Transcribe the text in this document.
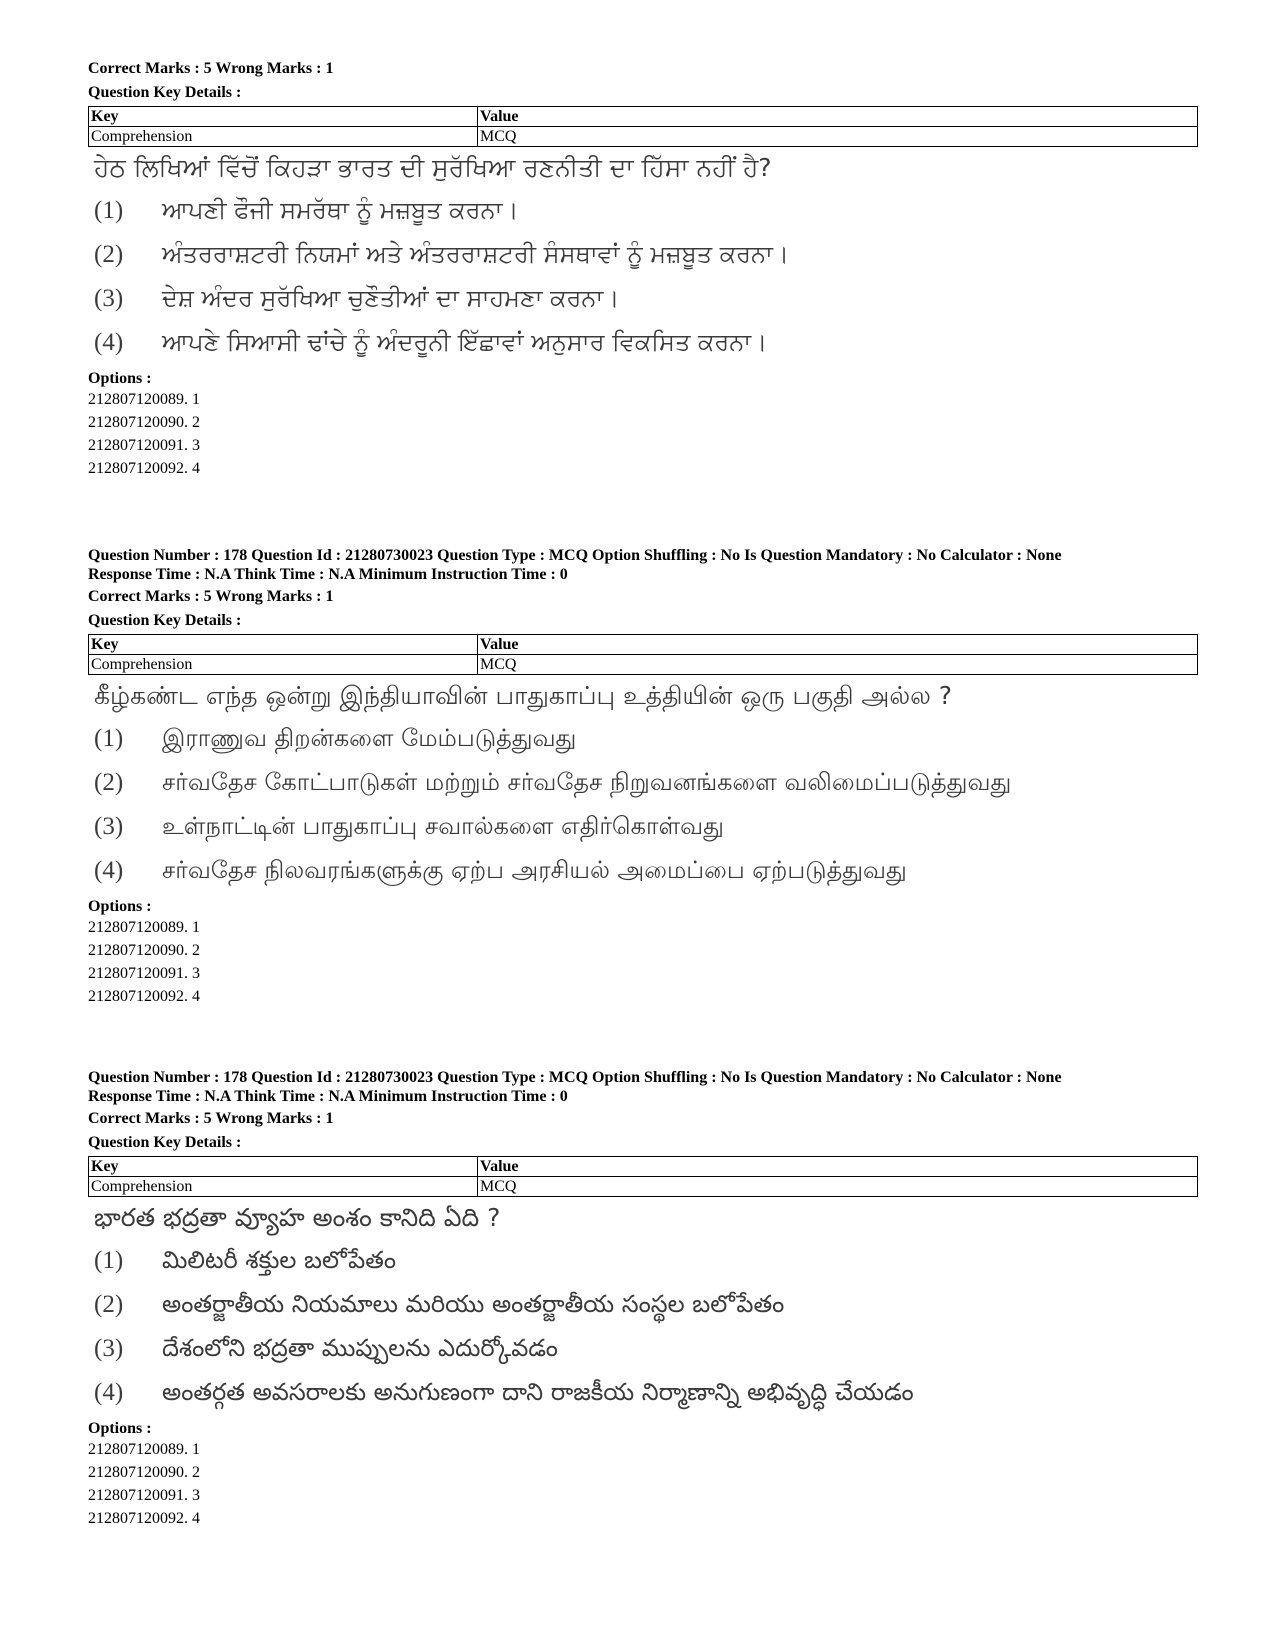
Correct Marks : 5 Wrong Marks : 1

Question Key Details :

Key	Value
Comprehension	MCQ

ਹੇਠ ਲਿਖਿਆਂ ਵਿੱਚੋਂ ਕਿਹੜਾ ਭਾਰਤ ਦੀ ਸੁਰੱਖਿਆ ਰਣਨੀਤੀ ਦਾ ਹਿੱਸਾ ਨਹੀਂ ਹੈ?

(1)	ਆਪਣੀ ਫੌਜੀ ਸਮਰੱਥਾ ਨੂੰ ਮਜ਼ਬੂਤ ਕਰਨਾ।
(2)	ਅੰਤਰਰਾਸ਼ਟਰੀ ਨਿਯਮਾਂ ਅਤੇ ਅੰਤਰਰਾਸ਼ਟਰੀ ਸੰਸਥਾਵਾਂ ਨੂੰ ਮਜ਼ਬੂਤ ਕਰਨਾ।
(3)	ਦੇਸ਼ ਅੰਦਰ ਸੁਰੱਖਿਆ ਚੁਣੌਤੀਆਂ ਦਾ ਸਾਹਮਣਾ ਕਰਨਾ।
(4)	ਆਪਣੇ ਸਿਆਸੀ ਢਾਂਚੇ ਨੂੰ ਅੰਦਰੂਨੀ ਇੱਛਾਵਾਂ ਅਨੁਸਾਰ ਵਿਕਸਿਤ ਕਰਨਾ।

Options :

212807120089. 1

212807120090. 2

212807120091. 3

212807120092. 4

Question Number : 178 Question Id : 21280730023 Question Type : MCQ Option Shuffling : No Is Question Mandatory : No Calculator : None

Response Time : N.A Think Time : N.A Minimum Instruction Time : 0

Correct Marks : 5 Wrong Marks : 1

Question Key Details :

Key	Value
Comprehension	MCQ

கீழ்கண்ட எந்த ஒன்று இந்தியாவின் பாதுகாப்பு உத்தியின் ஒரு பகுதி அல்ல ?

(1)	இராணுவ திறன்களை மேம்படுத்துவது
(2)	சர்வதேச கோட்பாடுகள் மற்றும் சர்வதேச நிறுவனங்களை வலிமைப்படுத்துவது
(3)	உள்நாட்டின் பாதுகாப்பு சவால்களை எதிர்கொள்வது
(4)	சர்வதேச நிலவரங்களுக்கு ஏற்ப அரசியல் அமைப்பை ஏற்படுத்துவது

Options :

212807120089. 1

212807120090. 2

212807120091. 3

212807120092. 4

Question Number : 178 Question Id : 21280730023 Question Type : MCQ Option Shuffling : No Is Question Mandatory : No Calculator : None

Response Time : N.A Think Time : N.A Minimum Instruction Time : 0

Correct Marks : 5 Wrong Marks : 1

Question Key Details :

Key	Value
Comprehension	MCQ

భారత భద్రతా వ్యూహ అంశం కానిది ఏది ?

(1)	మిలిటరీ శక్తుల బలోపేతం
(2)	అంతర్జాతీయ నియమాలు మరియు అంతర్జాతీయ సంస్థల బలోపేతం
(3)	దేశంలోని భద్రతా ముప్పులను ఎదుర్కోవడం
(4)	అంతర్గత అవసరాలకు అనుగుణంగా దాని రాజకీయ నిర్మాణాన్ని అభివృద్ధి చేయడం

Options :

212807120089. 1

212807120090. 2

212807120091. 3

212807120092. 4
